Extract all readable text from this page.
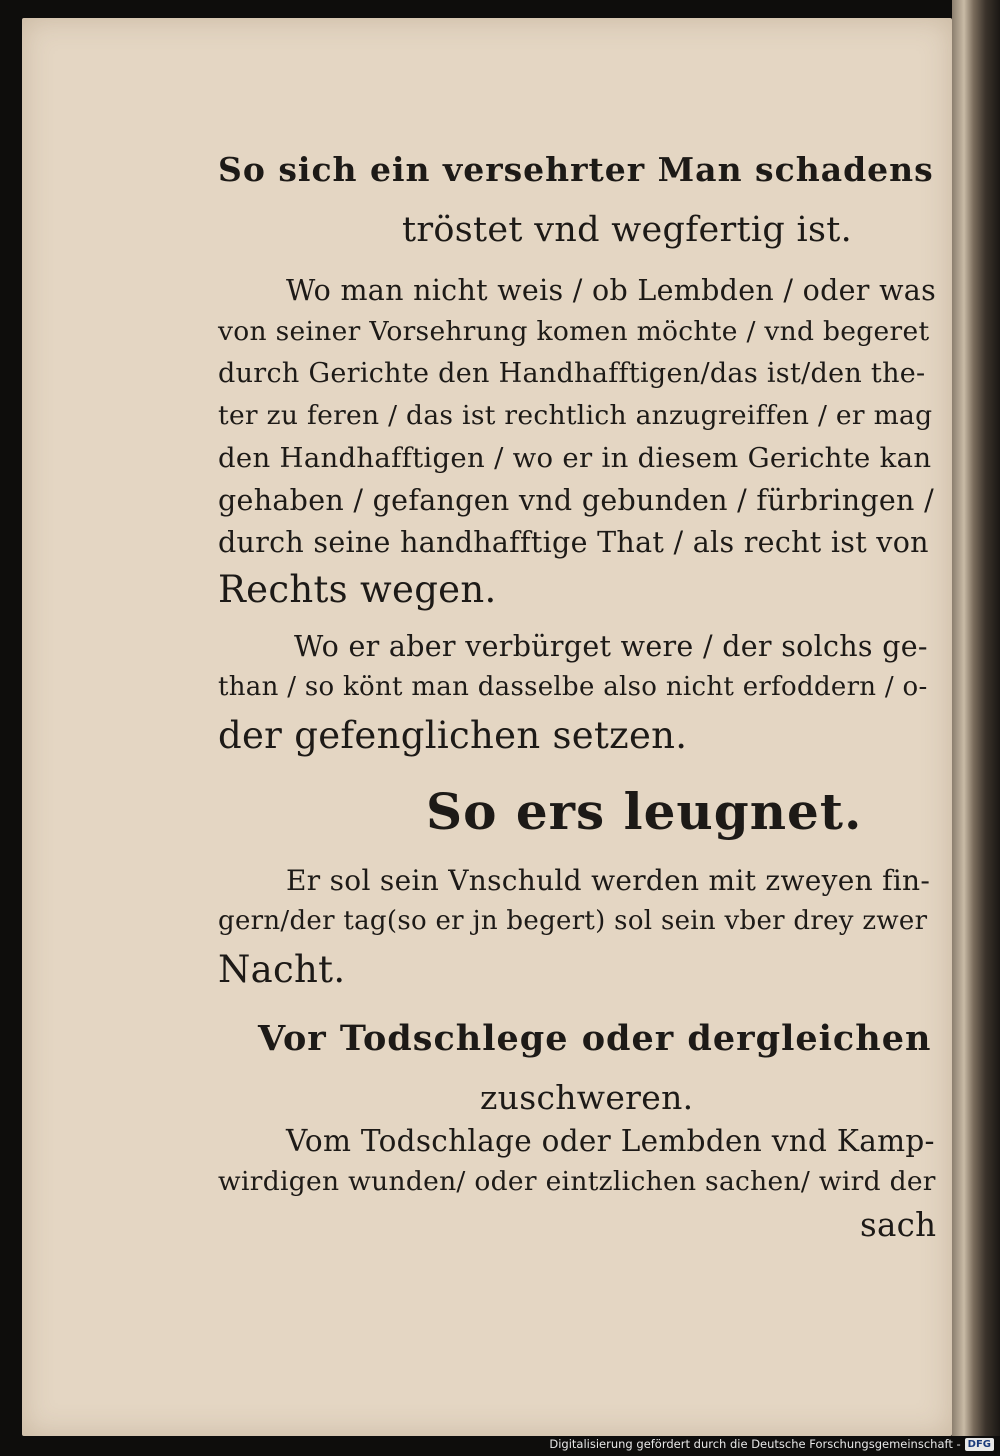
So sich ein versehrter Man schadens
tröstet vnd wegfertig ist.
Wo man nicht weis / ob Lembden / oder was
von seiner Vorsehrung komen möchte / vnd begeret
durch Gerichte den Handhafftigen/das ist/den the-
ter zu feren / das ist rechtlich anzugreiffen / er mag
den Handhafftigen / wo er in diesem Gerichte kan
gehaben / gefangen vnd gebunden / fürbringen /
durch seine handhafftige That / als recht ist von
Rechts wegen.
Wo er aber verbürget were / der solchs ge-
than / so könt man dasselbe also nicht erfoddern / o-
der gefenglichen setzen.
So ers leugnet.
Er sol sein Vnschuld werden mit zweyen fin-
gern/der tag(so er jn begert) sol sein vber drey zwer
Nacht.
Vor Todschlege oder dergleichen
zuschweren.
Vom Todschlage oder Lembden vnd Kamp-
wirdigen wunden/ oder eintzlichen sachen/ wird der
sach
Digitalisierung gefördert durch die Deutsche Forschungsgemeinschaft - DFG
